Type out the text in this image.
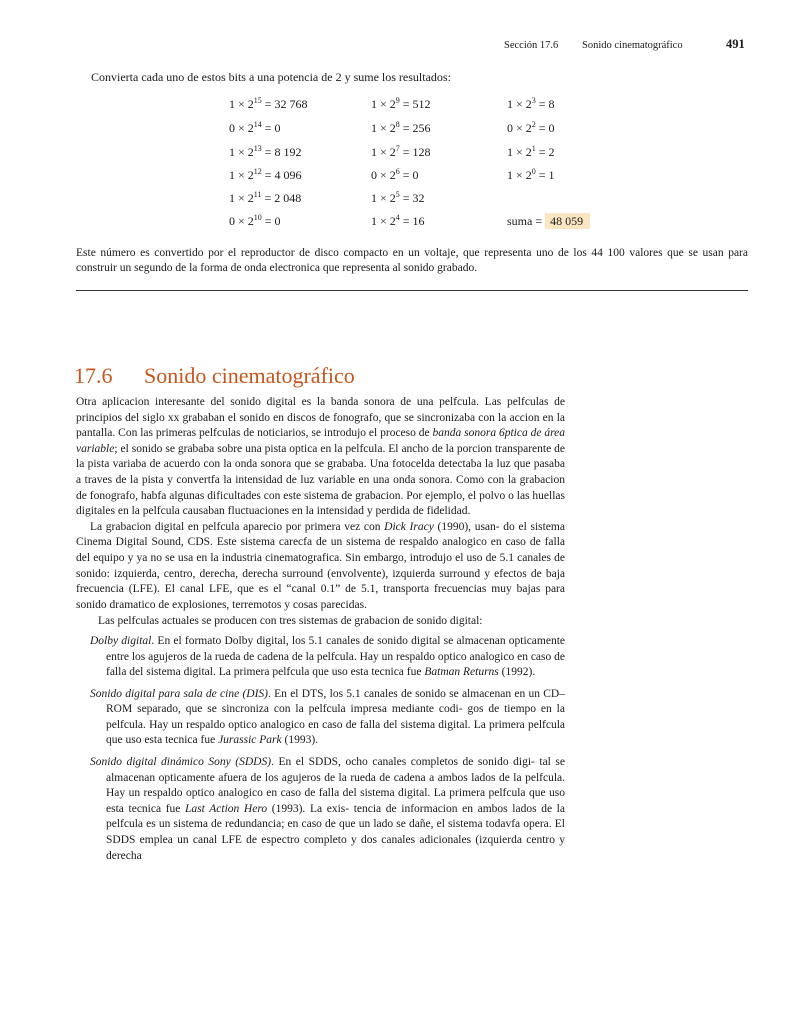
Sección 17.6 Sonido cinematográfico	491
Convierta cada uno de estos bits a una potencia de 2 y sume los resultados:
$1 \times 2^{15} = 32$ 768
$0 \times 2^{14} = 0$
$1 \times 2^{13} = 8$ 192
$1 \times 2^{12} = 4$ 096
$1 \times 2^{11} = 2$ 048
$0 \times 2^{10} = 0$
$1 \times 2^9 = 512$
$1 \times 2^8 = 256$
$1 \times 2^7 = 128$
$0 \times 2^6 = 0$
$1 \times 2^5 = 32$
$1 \times 2^4 = 16$
$1 \times 2^3 = 8$
$0 \times 2^2 = 0$
$1 \times 2^1 = 2$
$1 \times 2^0 = 1$
suma = 48 059
Este número es convertido por el reproductor de disco compacto en un voltaje, que representa uno de los 44 100 valores que se usan para construir un segundo de la forma de onda electronica que representa al sonido grabado.
17.6 Sonido cinematográfico

Otra aplicacion interesante del sonido digital es la banda sonora de una pelfcula. Las pelfculas de principios del siglo xx grababan el sonido en discos de fonografo, que se sincronizaba con la accion en la pantalla. Con las primeras pelfculas de noticiarios, se introdujo el proceso de banda sonora 6ptica de área variable; el sonido se grababa sobre una pista optica en la pelfcula. El ancho de la porcion transparente de la pista variaba de acuerdo con la onda sonora que se grababa. Una fotocelda detectaba la luz que pasaba a traves de la pista y convertfa la intensidad de luz variable en una onda sonora. Como con la grabacion de fonografo, habfa algunas dificultades con este sistema de grabacion. Por ejemplo, el polvo o las huellas digitales en la pelfcula causaban fluctuaciones en la intensidad y perdida de fidelidad.

La grabacion digital en pelfcula aparecio por primera vez con Dick Iracy (1990), usan- do el sistema Cinema Digital Sound, CDS. Este sistema carecfa de un sistema de respaldo analogico en caso de falla del equipo y ya no se usa en la industria cinematografica. Sin embargo, introdujo el uso de 5.1 canales de sonido: izquierda, centro, derecha, derecha surround (envolvente), izquierda surround y efectos de baja frecuencia (LFE). El canal LFE, que es el “canal 0.1” de 5.1, transporta frecuencias muy bajas para sonido dramatico de explosiones, terremotos y cosas parecidas.

Las pelfculas actuales se producen con tres sistemas de grabacion de sonido digital:

Dolby digital. En el formato Dolby digital, los 5.1 canales de sonido digital se almacenan opticamente entre los agujeros de la rueda de cadena de la pelfcula. Hay un respaldo optico analogico en caso de falla del sistema digital. La primera pelfcula que uso esta tecnica fue Batman Returns (1992).

Sonido digital para sala de cine (DIS). En el DTS, los 5.1 canales de sonido se almacenan en un CD–ROM separado, que se sincroniza con la pelfcula impresa mediante codi- gos de tiempo en la pelfcula. Hay un respaldo optico analogico en caso de falla del sistema digital. La primera pelfcula que uso esta tecnica fue Jurassic Park (1993).

Sonido digital dinámico Sony (SDDS). En el SDDS, ocho canales completos de sonido digi- tal se almacenan opticamente afuera de los agujeros de la rueda de cadena a ambos lados de la pelfcula. Hay un respaldo optico analogico en caso de falla del sistema digital. La primera pelfcula que uso esta tecnica fue Last Action Hero (1993). La exis- tencia de informacion en ambos lados de la pelfcula es un sistema de redundancia; en caso de que un lado se dañe, el sistema todavfa opera. El SDDS emplea un canal LFE de espectro completo y dos canales adicionales (izquierda centro y derecha
